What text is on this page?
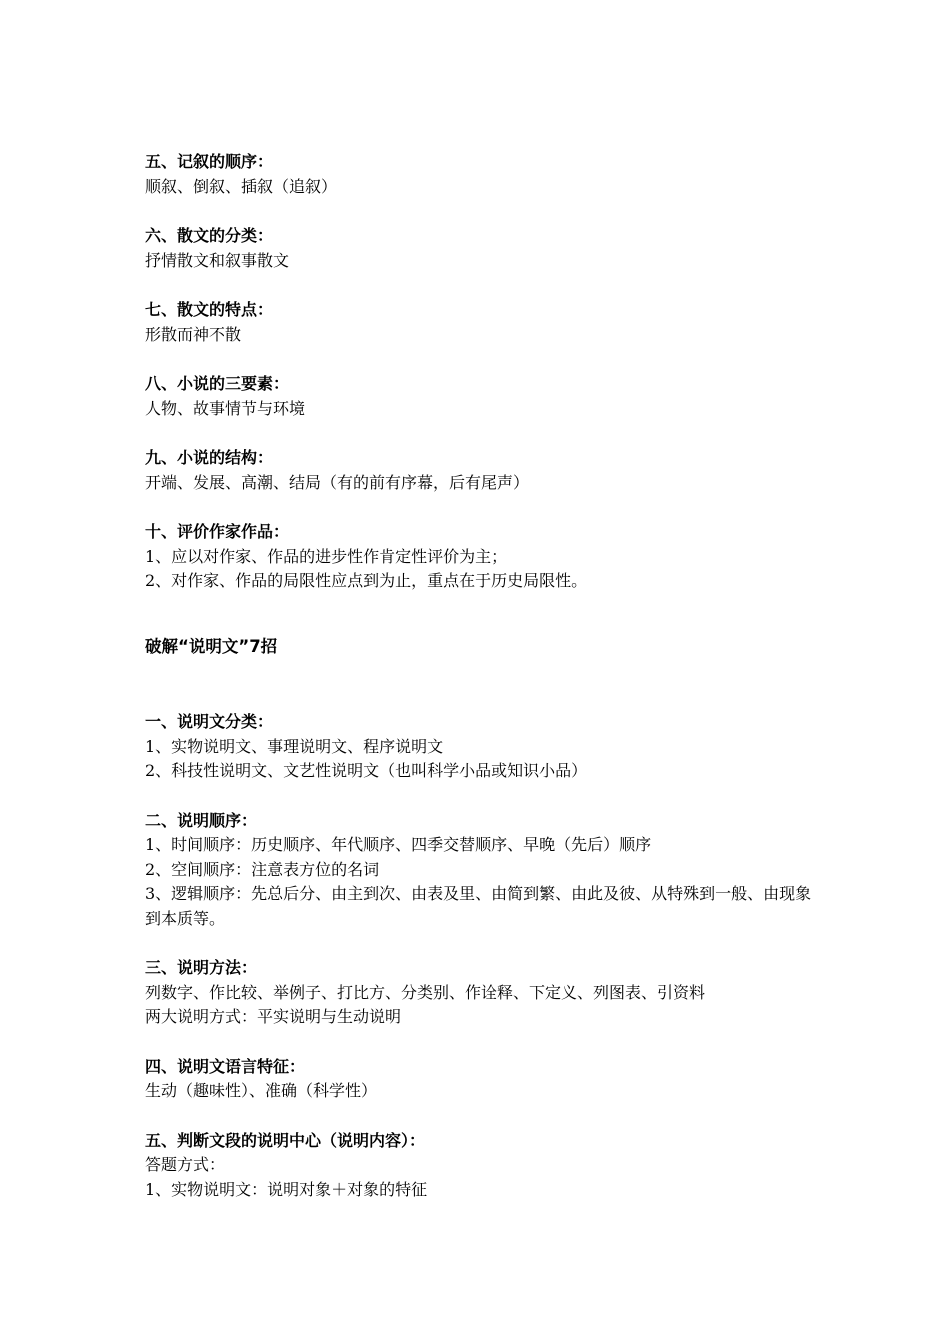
五、记叙的顺序：

顺叙、倒叙、插叙（追叙）

六、散文的分类：

抒情散文和叙事散文

七、散文的特点：

形散而神不散

八、小说的三要素：

人物、故事情节与环境

九、小说的结构：

开端、发展、高潮、结局（有的前有序幕，后有尾声）

十、评价作家作品：

1、应以对作家、作品的进步性作肯定性评价为主；

2、对作家、作品的局限性应点到为止，重点在于历史局限性。

破解“说明文”7招

一、说明文分类：

1、实物说明文、事理说明文、程序说明文

2、科技性说明文、文艺性说明文（也叫科学小品或知识小品）

二、说明顺序：

1、时间顺序：历史顺序、年代顺序、四季交替顺序、早晚（先后）顺序

2、空间顺序：注意表方位的名词

3、逻辑顺序：先总后分、由主到次、由表及里、由简到繁、由此及彼、从特殊到一般、由现象到本质等。

三、说明方法：

列数字、作比较、举例子、打比方、分类别、作诠释、下定义、列图表、引资料

两大说明方式：平实说明与生动说明

四、说明文语言特征：

生动（趣味性）、准确（科学性）

五、判断文段的说明中心（说明内容）：

答题方式：

1、实物说明文：说明对象＋对象的特征
